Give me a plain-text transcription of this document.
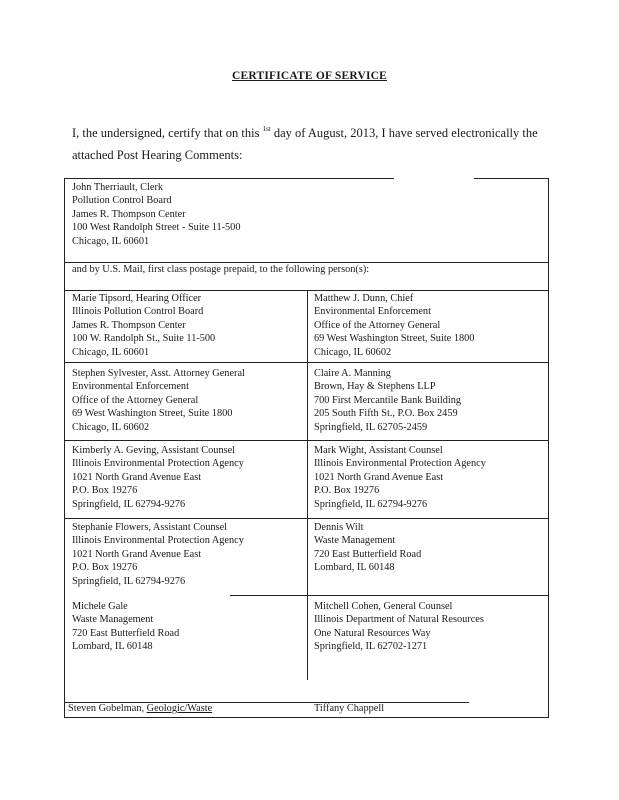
CERTIFICATE OF SERVICE
I, the undersigned, certify that on this $^{1st}$ day of August, 2013, I have served electronically the attached Post Hearing Comments:
John Therriault, Clerk
Pollution Control Board
James R. Thompson Center
100 West Randolph Street - Suite 11-500
Chicago, IL 60601
and by U.S. Mail, first class postage prepaid, to the following person(s):
Marie Tipsord, Hearing Officer
Illinois Pollution Control Board
James R. Thompson Center
100 W. Randolph St., Suite 11-500
Chicago, IL 60601
Matthew J. Dunn, Chief
Environmental Enforcement
Office of the Attorney General
69 West Washington Street, Suite 1800
Chicago, IL 60602
Stephen Sylvester, Asst. Attorney General
Environmental Enforcement
Office of the Attorney General
69 West Washington Street, Suite 1800
Chicago, IL 60602
Claire A. Manning
Brown, Hay & Stephens LLP
700 First Mercantile Bank Building
205 South Fifth St., P.O. Box 2459
Springfield, IL 62705-2459
Kimberly A. Geving, Assistant Counsel
Illinois Environmental Protection Agency
1021 North Grand Avenue East
P.O. Box 19276
Springfield, IL 62794-9276
Mark Wight, Assistant Counsel
Illinois Environmental Protection Agency
1021 North Grand Avenue East
P.O. Box 19276
Springfield, IL 62794-9276
Stephanie Flowers, Assistant Counsel
Illinois Environmental Protection Agency
1021 North Grand Avenue East
P.O. Box 19276
Springfield, IL 62794-9276
Dennis Wilt
Waste Management
720 East Butterfield Road
Lombard, IL 60148
Michele Gale
Waste Management
720 East Butterfield Road
Lombard, IL 60148
Mitchell Cohen, General Counsel
Illinois Department of Natural Resources
One Natural Resources Way
Springfield, IL 62702-1271
Steven Gobelman, Geologic/Waste	Tiffany Chappell
